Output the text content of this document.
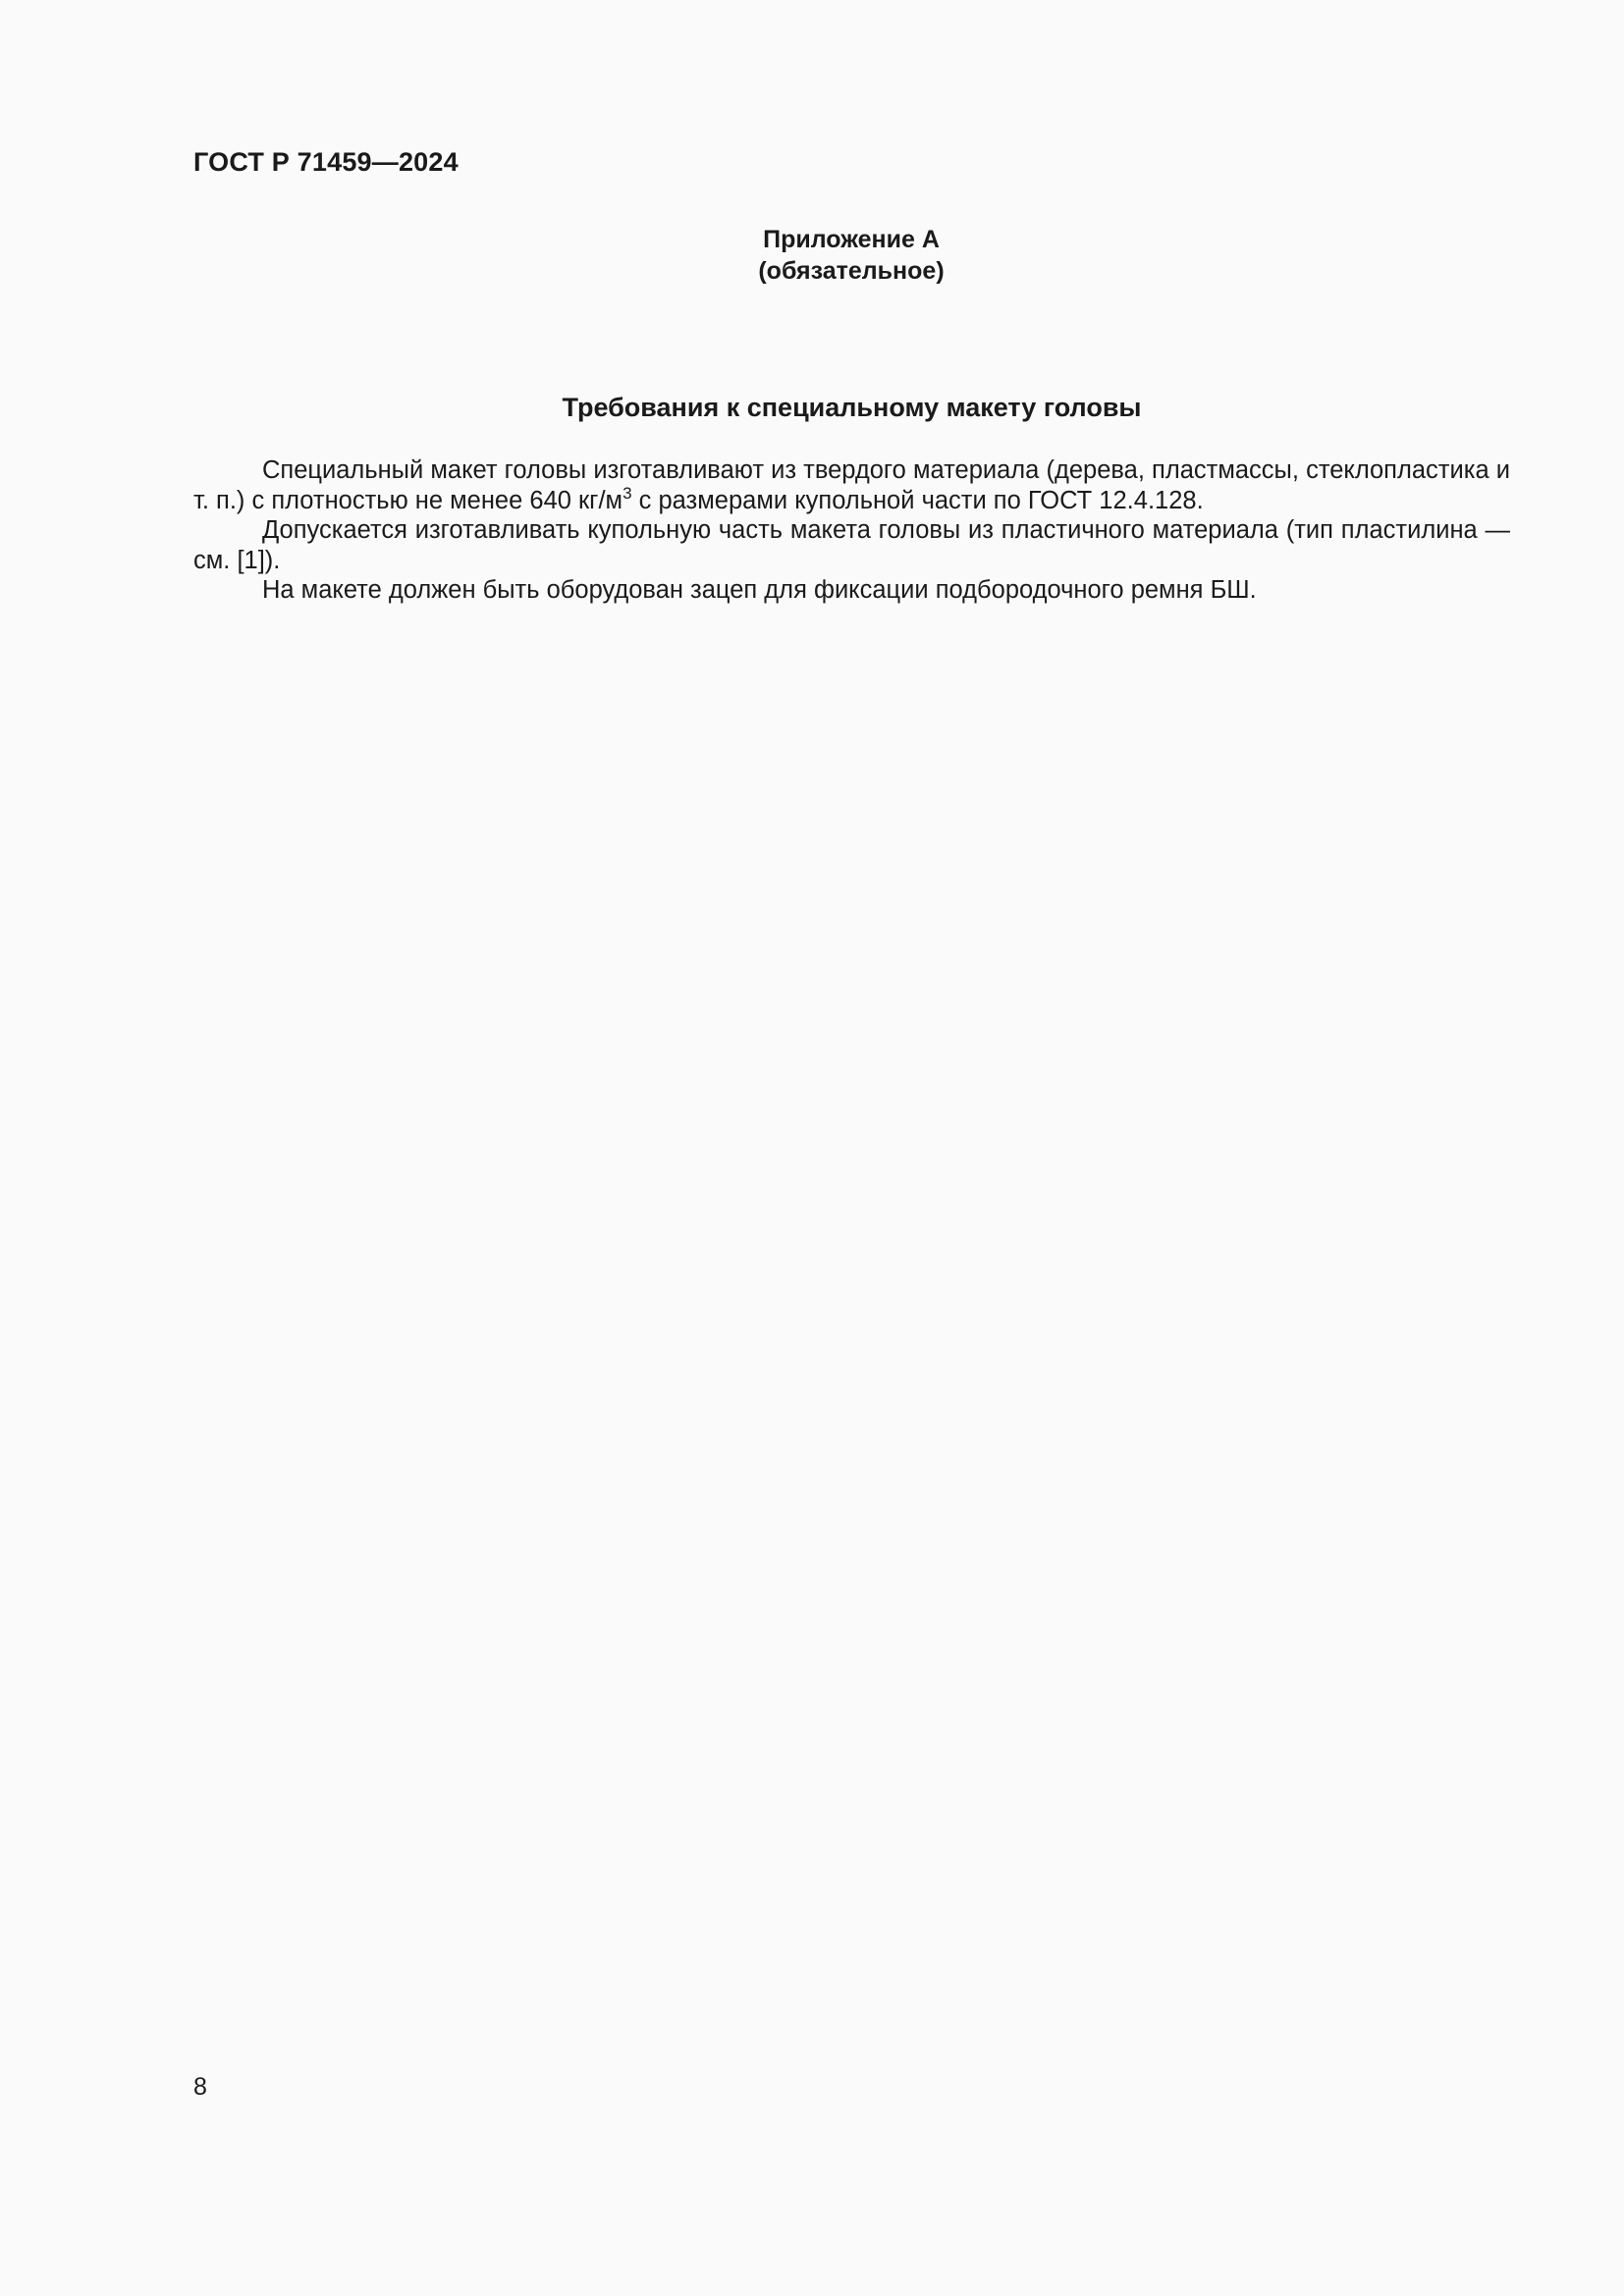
ГОСТ Р 71459—2024
Приложение А
(обязательное)
Требования к специальному макету головы

Специальный макет головы изготавливают из твердого материала (дерева, пластмассы, стеклопластика и т. п.) с плотностью не менее 640 $кг/м^3$ с размерами купольной части по ГОСТ 12.4.128.

Допускается изготавливать купольную часть макета головы из пластичного материала (тип пластилина — см. [1]).

На макете должен быть оборудован зацеп для фиксации подбородочного ремня БШ.

8
